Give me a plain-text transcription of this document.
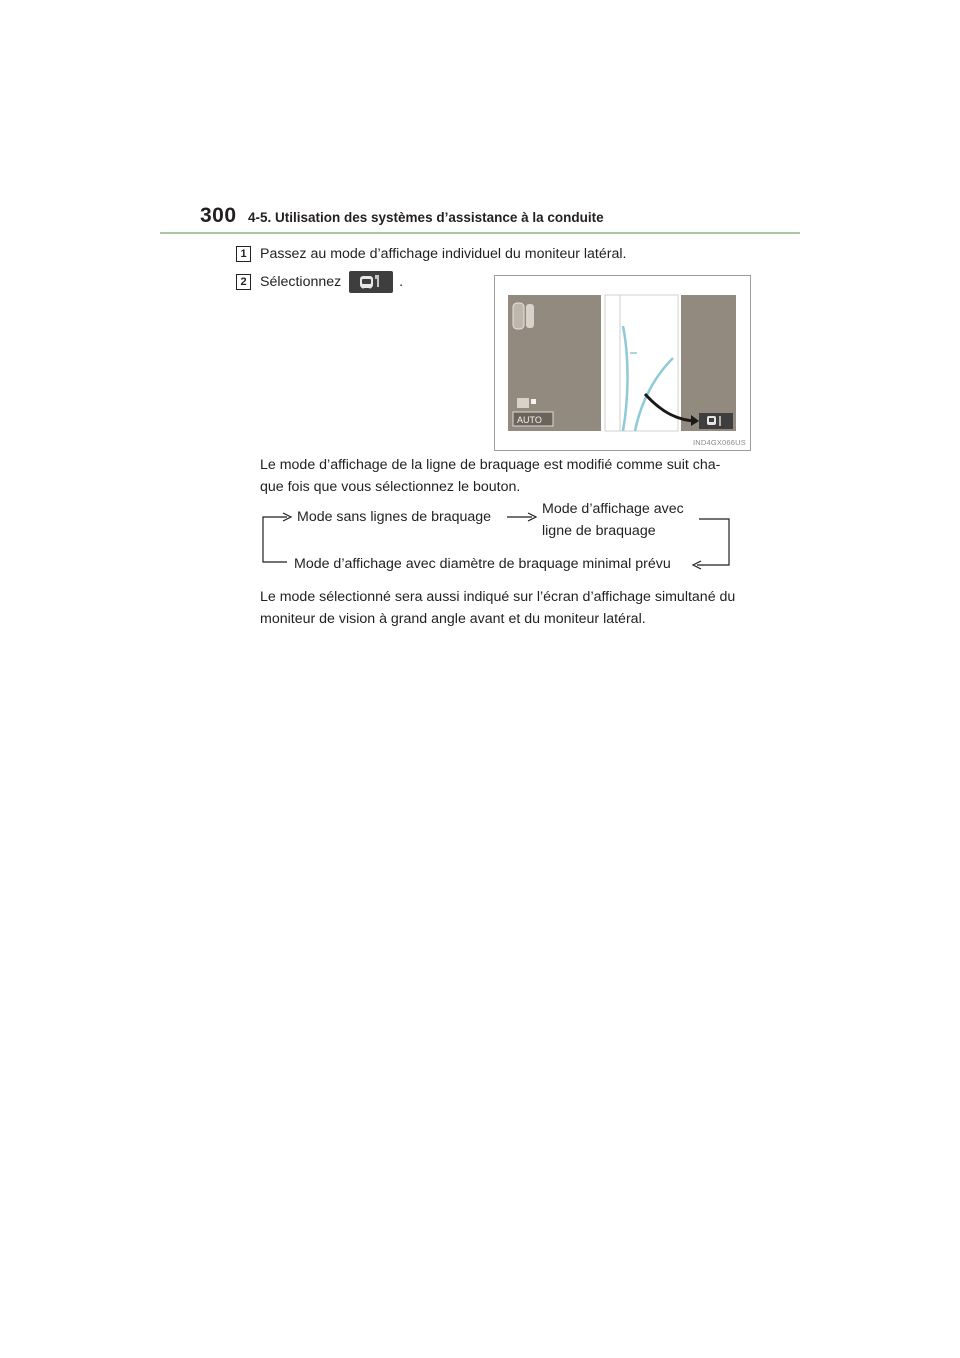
300 4-5. Utilisation des systèmes d’assistance à la conduite
1 Passez au mode d’affichage individuel du moniteur latéral.
2 Sélectionnez	.
AUTO
IND4GX066US
Le mode d’affichage de la ligne de braquage est modifié comme suit cha-
que fois que vous sélectionnez le bouton.
Mode sans lignes de braquage	Mode d’affichage avec
ligne de braquage
Mode d’affichage avec diamètre de braquage minimal prévu
Le mode sélectionné sera aussi indiqué sur l’écran d’affichage simultané du
moniteur de vision à grand angle avant et du moniteur latéral.
